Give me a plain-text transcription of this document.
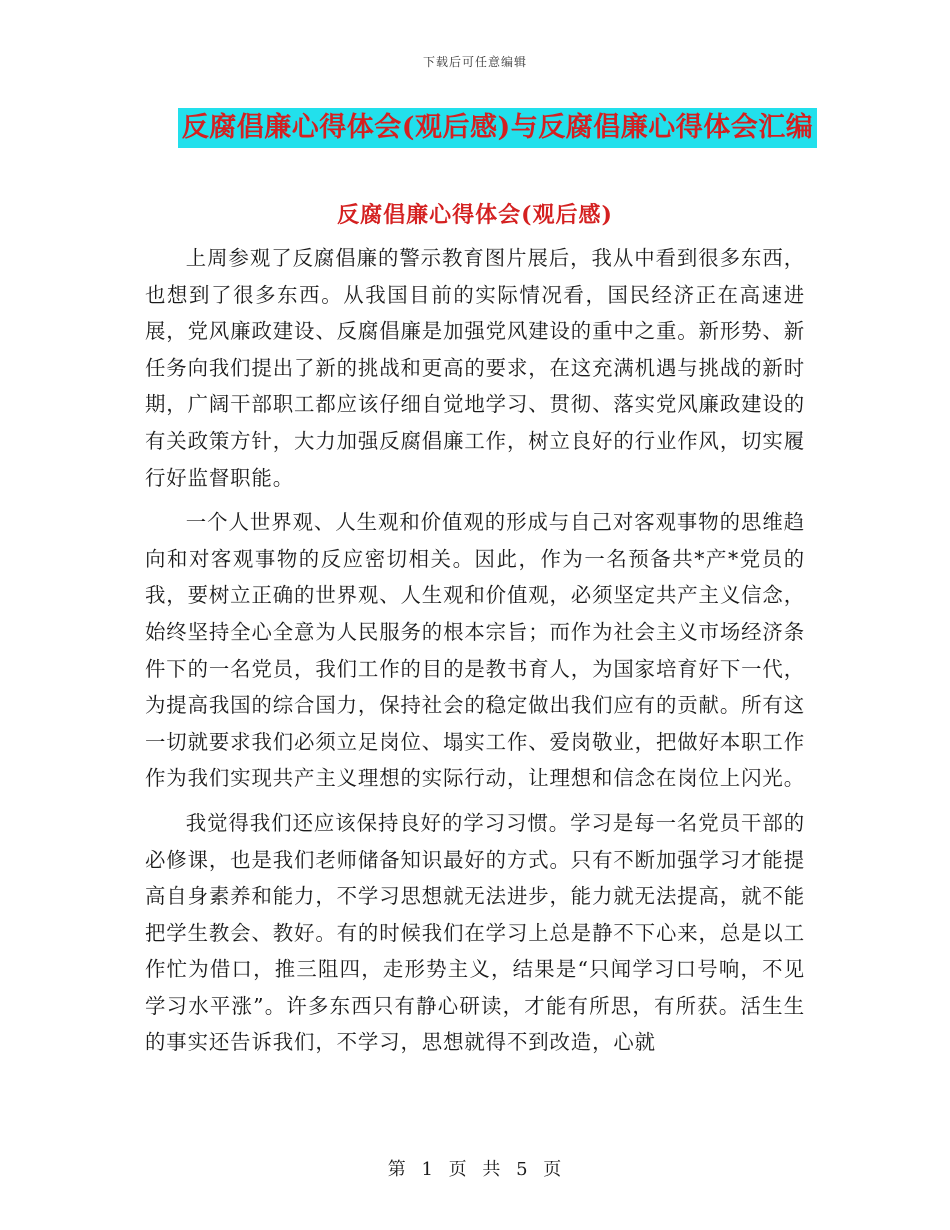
下载后可任意编辑
反腐倡廉心得体会(观后感)与反腐倡廉心得体会汇编
反腐倡廉心得体会(观后感)

上周参观了反腐倡廉的警示教育图片展后，我从中看到很多东西，也想到了很多东西。从我国目前的实际情况看，国民经济正在高速进展，党风廉政建设、反腐倡廉是加强党风建设的重中之重。新形势、新任务向我们提出了新的挑战和更高的要求，在这充满机遇与挑战的新时期，广阔干部职工都应该仔细自觉地学习、贯彻、落实党风廉政建设的有关政策方针，大力加强反腐倡廉工作，树立良好的行业作风，切实履行好监督职能。

一个人世界观、人生观和价值观的形成与自己对客观事物的思维趋向和对客观事物的反应密切相关。因此，作为一名预备共*产*党员的我，要树立正确的世界观、人生观和价值观，必须坚定共产主义信念，始终坚持全心全意为人民服务的根本宗旨；而作为社会主义市场经济条件下的一名党员，我们工作的目的是教书育人，为国家培育好下一代，为提高我国的综合国力，保持社会的稳定做出我们应有的贡献。所有这一切就要求我们必须立足岗位、塌实工作、爱岗敬业，把做好本职工作作为我们实现共产主义理想的实际行动，让理想和信念在岗位上闪光。

我觉得我们还应该保持良好的学习习惯。学习是每一名党员干部的必修课，也是我们老师储备知识最好的方式。只有不断加强学习才能提高自身素养和能力，不学习思想就无法进步，能力就无法提高，就不能把学生教会、教好。有的时候我们在学习上总是静不下心来，总是以工作忙为借口，推三阻四，走形势主义，结果是“只闻学习口号响，不见学习水平涨”。许多东西只有静心研读，才能有所思，有所获。活生生的事实还告诉我们，不学习，思想就得不到改造，心就

第 1 页 共 5 页
